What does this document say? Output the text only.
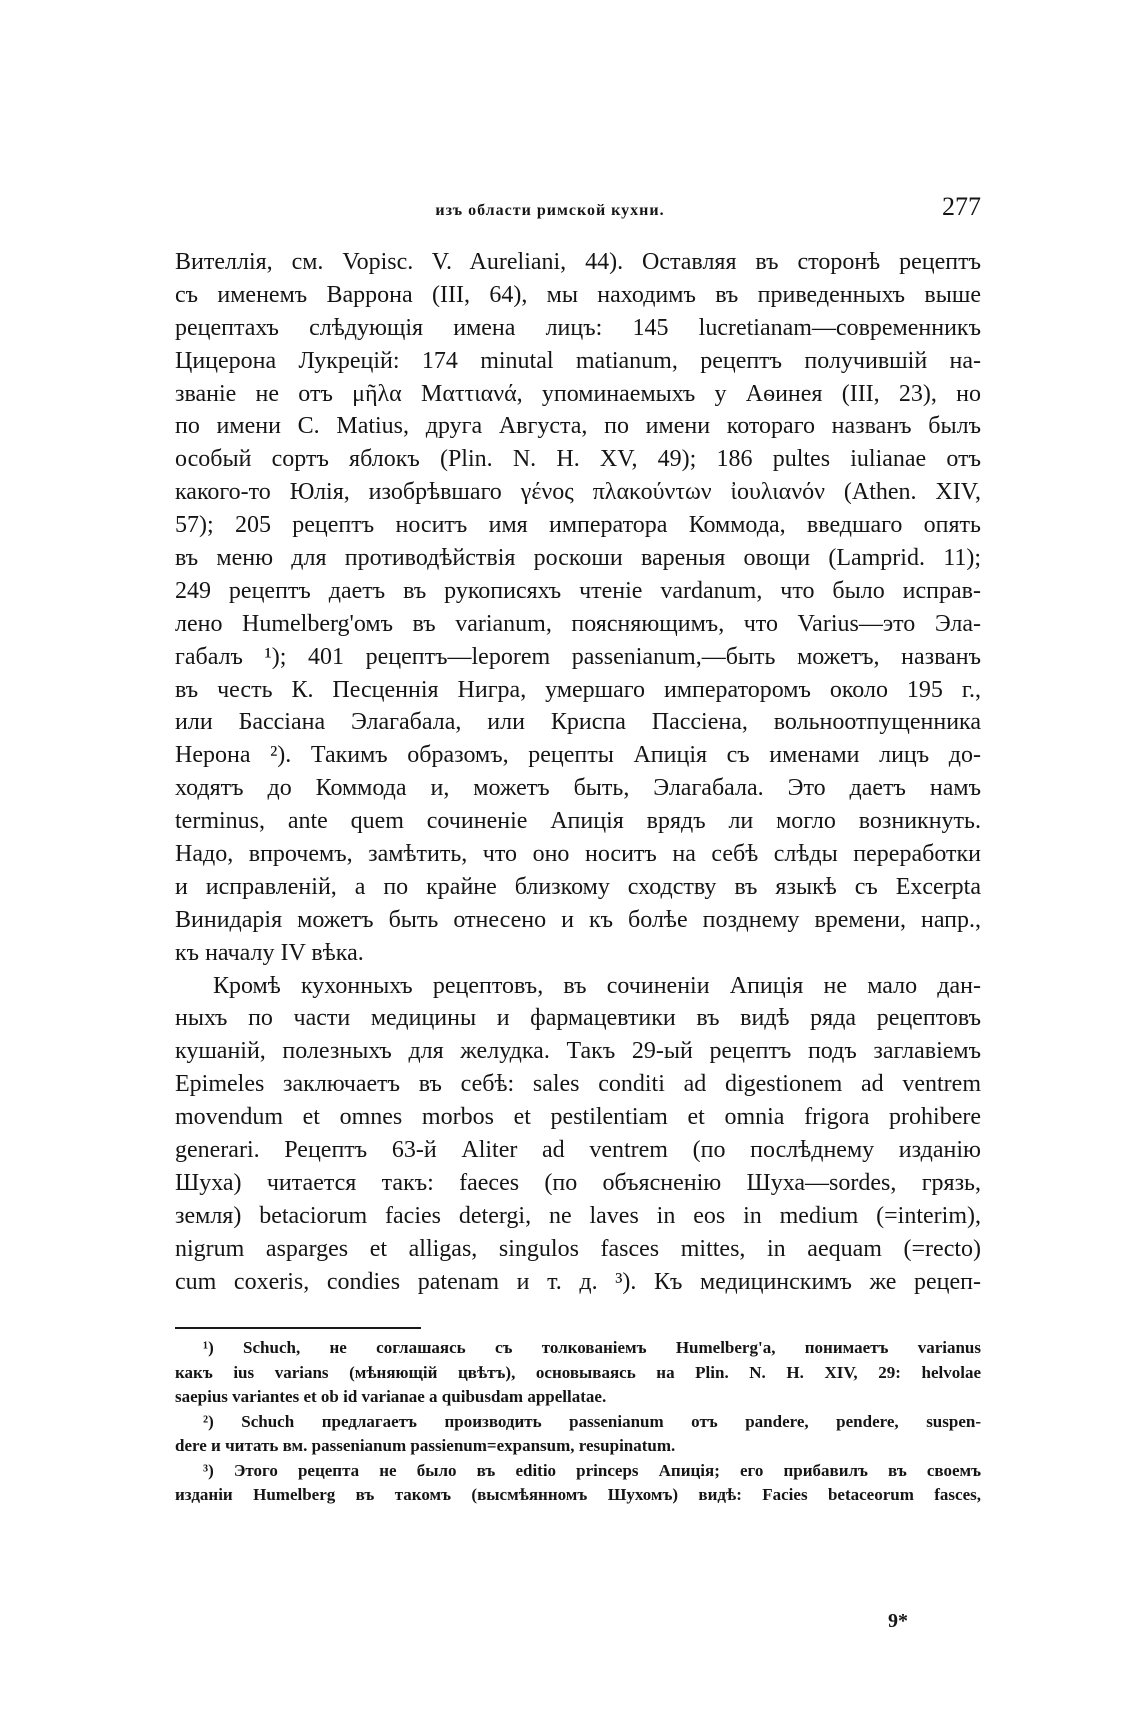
изъ области римской кухни.	277
Вителлія, см. Vopisc. V. Aureliani, 44). Оставляя въ сторонѣ рецептъ
съ именемъ Варрона (III, 64), мы находимъ въ приведенныхъ выше
рецептахъ слѣдующія имена лицъ: 145 lucretianam—современникъ
Цицерона Лукрецій: 174 minutal matianum, рецептъ получившій на-
званіе не отъ μῆλα Ματτιανά, упоминаемыхъ у Аѳинея (III, 23), но
по имени С. Matius, друга Августа, по имени котораго названъ былъ
особый сортъ яблокъ (Plin. N. H. XV, 49); 186 pultes iulianae отъ
какого-то Юлія, изобрѣвшаго γένος πλακούντων ἰουλιανόν (Athen. XIV,
57); 205 рецептъ носитъ имя императора Коммода, введшаго опять
въ меню для противодѣйствія роскоши вареныя овощи (Lamprid. 11);
249 рецептъ даетъ въ рукописяхъ чтеніе vardanum, что было исправ-
лено Humelberg'омъ въ varianum, поясняющимъ, что Varius—это Эла-
габалъ ¹); 401 рецептъ—leporem passenianum,—быть можетъ, названъ
въ честь К. Песценнія Нигра, умершаго императоромъ около 195 г.,
или Бассіана Элагабала, или Криспа Пассіена, вольноотпущенника
Нерона ²). Такимъ образомъ, рецепты Апиція съ именами лицъ до-
ходятъ до Коммода и, можетъ быть, Элагабала. Это даетъ намъ
terminus, ante quem сочиненіе Апиція врядъ ли могло возникнуть.
Надо, впрочемъ, замѣтить, что оно носитъ на себѣ слѣды переработки
и исправленій, а по крайне близкому сходству въ языкѣ съ Excerpta
Винидарія можетъ быть отнесено и къ болѣе позднему времени, напр.,
къ началу IV вѣка.
Кромѣ кухонныхъ рецептовъ, въ сочиненіи Апиція не мало дан-
ныхъ по части медицины и фармацевтики въ видѣ ряда рецептовъ
кушаній, полезныхъ для желудка. Такъ 29-ый рецептъ подъ заглавіемъ
Epimeles заключаетъ въ себѣ: sales conditi ad digestionem ad ventrem
movendum et omnes morbos et pestilentiam et omnia frigora prohibere
generari. Рецептъ 63-й Aliter ad ventrem (по послѣднему изданію
Шуха) читается такъ: faeces (по объясненію Шуха—sordes, грязь,
земля) betaciorum facies detergi, ne laves in eos in medium (=interim),
nigrum asparges et alligas, singulos fasces mittes, in aequam (=recto)
cum coxeris, condies patenam и т. д. ³). Къ медицинскимъ же рецеп-
¹) Schuch, не соглашаясь съ толкованіемъ Humelberg'a, понимаетъ varianus
какъ ius varians (мѣняющій цвѣтъ), основываясь на Plin. N. H. XIV, 29: helvolae
saepius variantes et ob id varianae a quibusdam appellatae.
²) Schuch предлагаетъ производить passenianum отъ pandere, pendere, suspen-
dere и читать вм. passenianum passienum=expansum, resupinatum.
³) Этого рецепта не было въ editio princeps Апиція; его прибавилъ въ своемъ
изданіи Humelberg въ такомъ (высмѣянномъ Шухомъ) видѣ: Facies betaceorum fasces,
9*
